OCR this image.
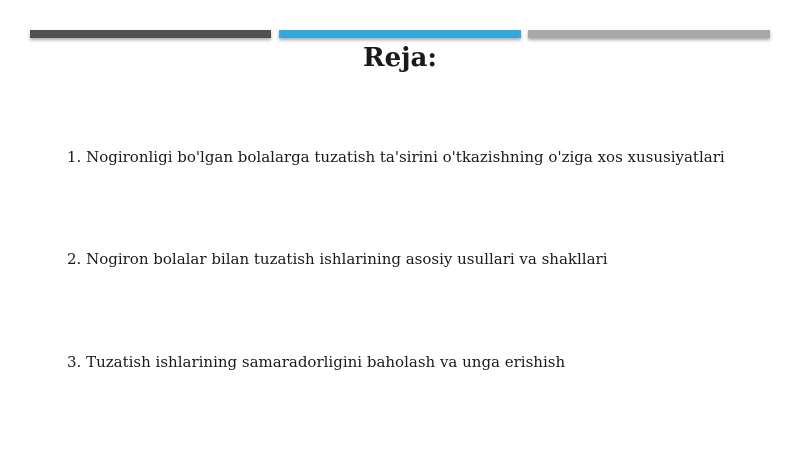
Reja:
1. Nogironligi bo'lgan bolalarga tuzatish ta'sirini o'tkazishning o'ziga xos xususiyatlari
2. Nogiron bolalar bilan tuzatish ishlarining asosiy usullari va shakllari
3. Tuzatish ishlarining samaradorligini baholash va unga erishish
